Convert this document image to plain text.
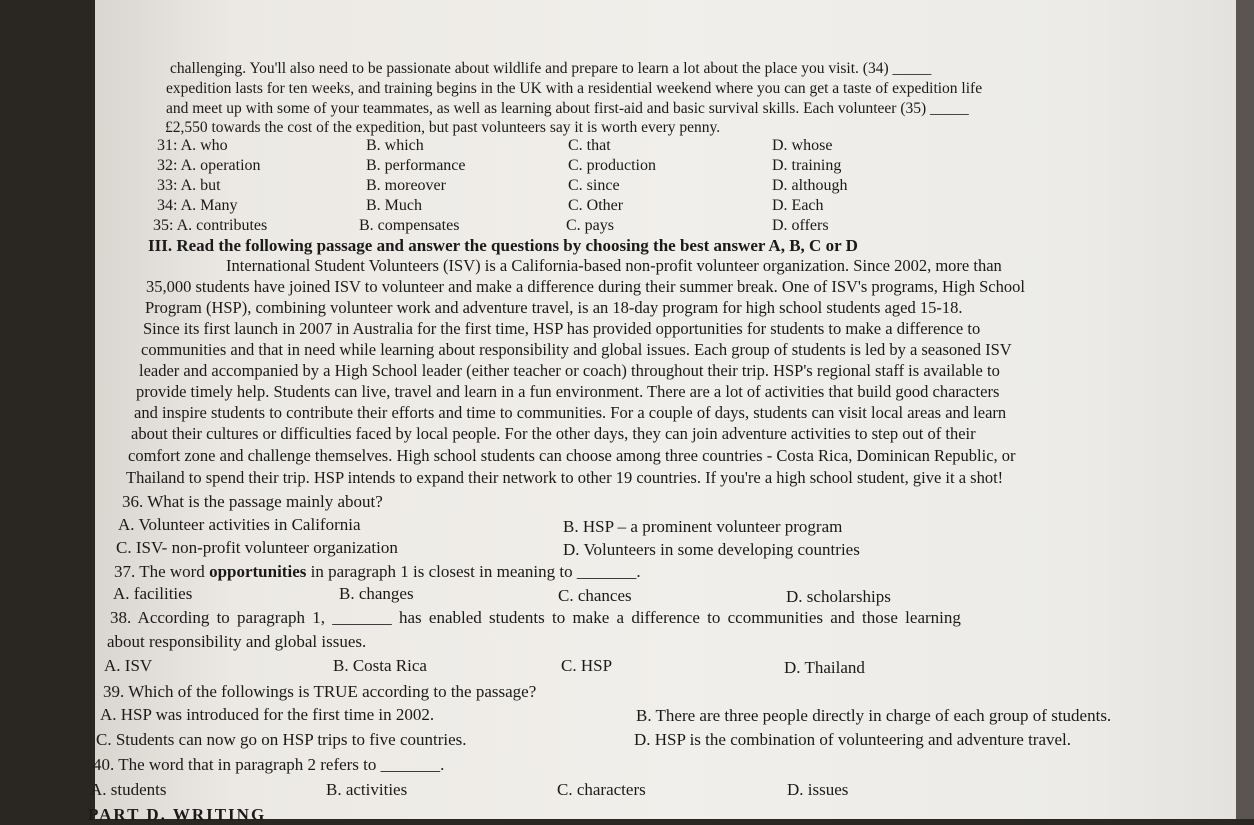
challenging. You'll also need to be passionate about wildlife and prepare to learn a lot about the place you visit. (34) _____
expedition lasts for ten weeks, and training begins in the UK with a residential weekend where you can get a taste of expedition life
and meet up with some of your teammates, as well as learning about first-aid and basic survival skills. Each volunteer (35) _____
£2,550 towards the cost of the expedition, but past volunteers say it is worth every penny.
31: A. who	B. which	C. that	D. whose
32: A. operation	B. performance	C. production	D. training
33: A. but	B. moreover	C. since	D. although
34: A. Many	B. Much	C. Other	D. Each
35: A. contributes	B. compensates	C. pays	D. offers
III. Read the following passage and answer the questions by choosing the best answer A, B, C or D
International Student Volunteers (ISV) is a California-based non-profit volunteer organization. Since 2002, more than
35,000 students have joined ISV to volunteer and make a difference during their summer break. One of ISV's programs, High School
Program (HSP), combining volunteer work and adventure travel, is an 18-day program for high school students aged 15-18.
Since its first launch in 2007 in Australia for the first time, HSP has provided opportunities for students to make a difference to
communities and that in need while learning about responsibility and global issues. Each group of students is led by a seasoned ISV
leader and accompanied by a High School leader (either teacher or coach) throughout their trip. HSP's regional staff is available to
provide timely help. Students can live, travel and learn in a fun environment. There are a lot of activities that build good characters
and inspire students to contribute their efforts and time to communities. For a couple of days, students can visit local areas and learn
about their cultures or difficulties faced by local people. For the other days, they can join adventure activities to step out of their
comfort zone and challenge themselves. High school students can choose among three countries - Costa Rica, Dominican Republic, or
Thailand to spend their trip. HSP intends to expand their network to other 19 countries. If you're a high school student, give it a shot!
36. What is the passage mainly about?
A. Volunteer activities in California	B. HSP – a prominent volunteer program
C. ISV- non-profit volunteer organization	D. Volunteers in some developing countries
37. The word opportunities in paragraph 1 is closest in meaning to _______.
A. facilities	B. changes	C. chances	D. scholarships
38. According to paragraph 1, _______ has enabled students to make a difference to ccommunities and those learning
about responsibility and global issues.
A. ISV	B. Costa Rica	C. HSP	D. Thailand
39. Which of the followings is TRUE according to the passage?
A. HSP was introduced for the first time in 2002.	B. There are three people directly in charge of each group of students.
C. Students can now go on HSP trips to five countries.	D. HSP is the combination of volunteering and adventure travel.
40. The word that in paragraph 2 refers to _______.
A. students	B. activities	C. characters	D. issues
PART D. WRITING
